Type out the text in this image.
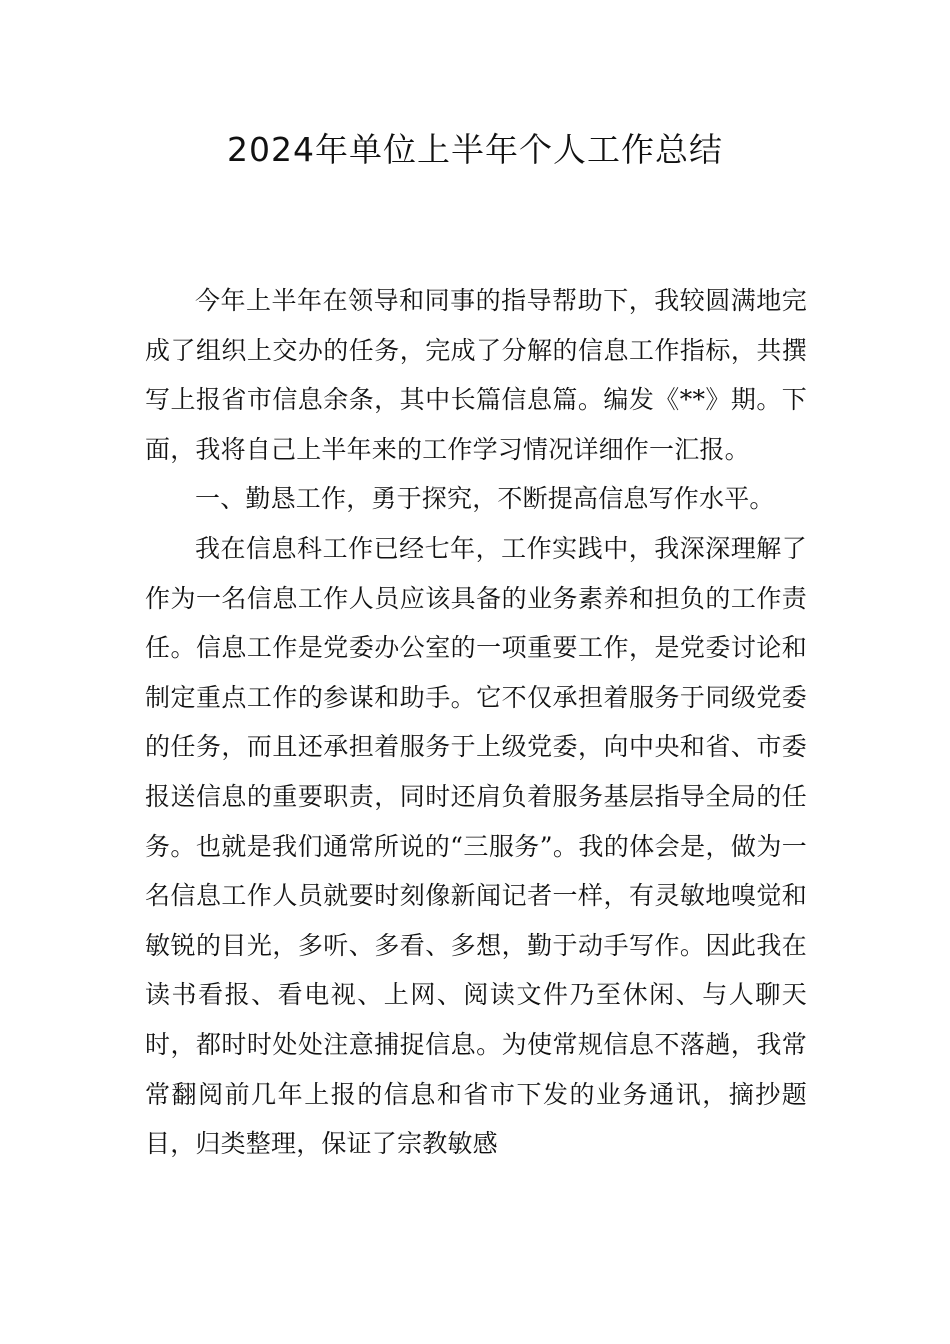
2024年单位上半年个人工作总结

今年上半年在领导和同事的指导帮助下，我较圆满地完成了组织上交办的任务，完成了分解的信息工作指标，共撰写上报省市信息余条，其中长篇信息篇。编发《**》期。下面，我将自己上半年来的工作学习情况详细作一汇报。

一、勤恳工作，勇于探究，不断提高信息写作水平。

我在信息科工作已经七年，工作实践中，我深深理解了作为一名信息工作人员应该具备的业务素养和担负的工作责任。信息工作是党委办公室的一项重要工作，是党委讨论和制定重点工作的参谋和助手。它不仅承担着服务于同级党委的任务，而且还承担着服务于上级党委，向中央和省、市委报送信息的重要职责，同时还肩负着服务基层指导全局的任务。也就是我们通常所说的“三服务”。我的体会是，做为一名信息工作人员就要时刻像新闻记者一样，有灵敏地嗅觉和敏锐的目光，多听、多看、多想，勤于动手写作。因此我在读书看报、看电视、上网、阅读文件乃至休闲、与人聊天时，都时时处处注意捕捉信息。为使常规信息不落趟，我常常翻阅前几年上报的信息和省市下发的业务通讯，摘抄题目，归类整理，保证了宗教敏感
